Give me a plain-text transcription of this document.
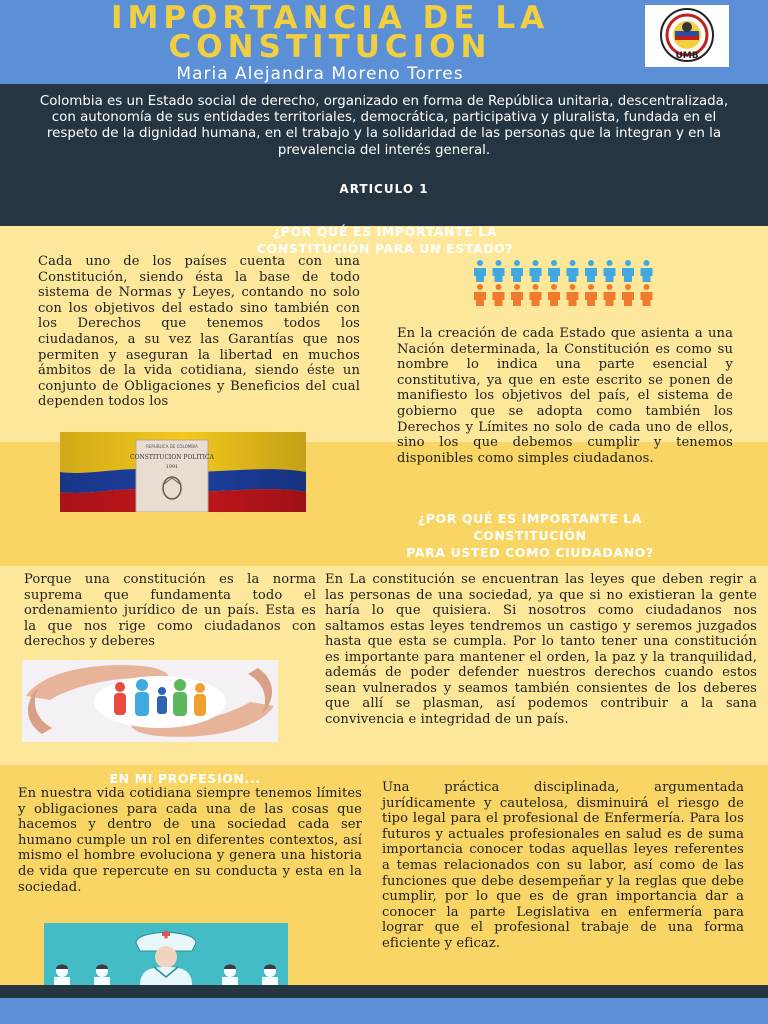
IMPORTANCIA DE LA
CONSTITUCION
Maria Alejandra Moreno Torres
UMB
Colombia es un Estado social de derecho, organizado en forma de República unitaria, descentralizada, con autonomía de sus entidades territoriales, democrática, participativa y pluralista, fundada en el respeto de la dignidad humana, en el trabajo y la solidaridad de las personas que la integran y en la prevalencia del interés general.
ARTICULO 1
¿POR QUÉ ES IMPORTANTE LA
CONSTITUCIÓN PARA UN ESTADO?
Cada uno de los países cuenta con una Constitución, siendo ésta la base de todo sistema de Normas y Leyes, contando no solo con los objetivos del estado sino también con los Derechos que tenemos todos los ciudadanos, a su vez las Garantías que nos permiten y aseguran la libertad en muchos ámbitos de la vida cotidiana, siendo éste un conjunto de Obligaciones y Beneficios del cual dependen todos los
En la creación de cada Estado que asienta a una Nación determinada, la Constitución es como su nombre lo indica una parte esencial y constitutiva, ya que en este escrito se ponen de manifiesto los objetivos del país, el sistema de gobierno que se adopta como también los Derechos y Límites no solo de cada uno de ellos, sino los que debemos cumplir y tenemos disponibles como simples ciudadanos.
REPUBLICA DE COLOMBIA
CONSTITUCION POLITICA
1991
¿POR QUÉ ES IMPORTANTE LA
CONSTITUCIÓN
PARA USTED COMO CIUDADANO?
Porque una constitución es la norma suprema que fundamenta todo el ordenamiento jurídico de un país. Esta es la que nos rige como ciudadanos con derechos y deberes
En La constitución se encuentran las leyes que deben regir a las personas de una sociedad, ya que si no existieran la gente haría lo que quisiera. Si nosotros como ciudadanos nos saltamos estas leyes tendremos un castigo y seremos juzgados hasta que esta se cumpla. Por lo tanto tener una constitución es importante para mantener el orden, la paz y la tranquilidad, además de poder defender nuestros derechos cuando estos sean vulnerados y seamos también consientes de los deberes que allí se plasman, así podemos contribuir a la sana convivencia e integridad de un país.
EN MI PROFESION...
En nuestra vida cotidiana siempre tenemos límites y obligaciones para cada una de las cosas que hacemos y dentro de una sociedad cada ser humano cumple un rol en diferentes contextos, así mismo el hombre evoluciona y genera una historia de vida que repercute en su conducta y esta en la sociedad.
Una práctica disciplinada, argumentada jurídicamente y cautelosa, disminuirá el riesgo de tipo legal para el profesional de Enfermería. Para los futuros y actuales profesionales en salud es de suma importancia conocer todas aquellas leyes referentes a temas relacionados con su labor, así como de las funciones que debe desempeñar y la reglas que debe cumplir, por lo que es de gran importancia dar a conocer la parte Legislativa en enfermería para lograr que el profesional trabaje de una forma eficiente y eficaz.
